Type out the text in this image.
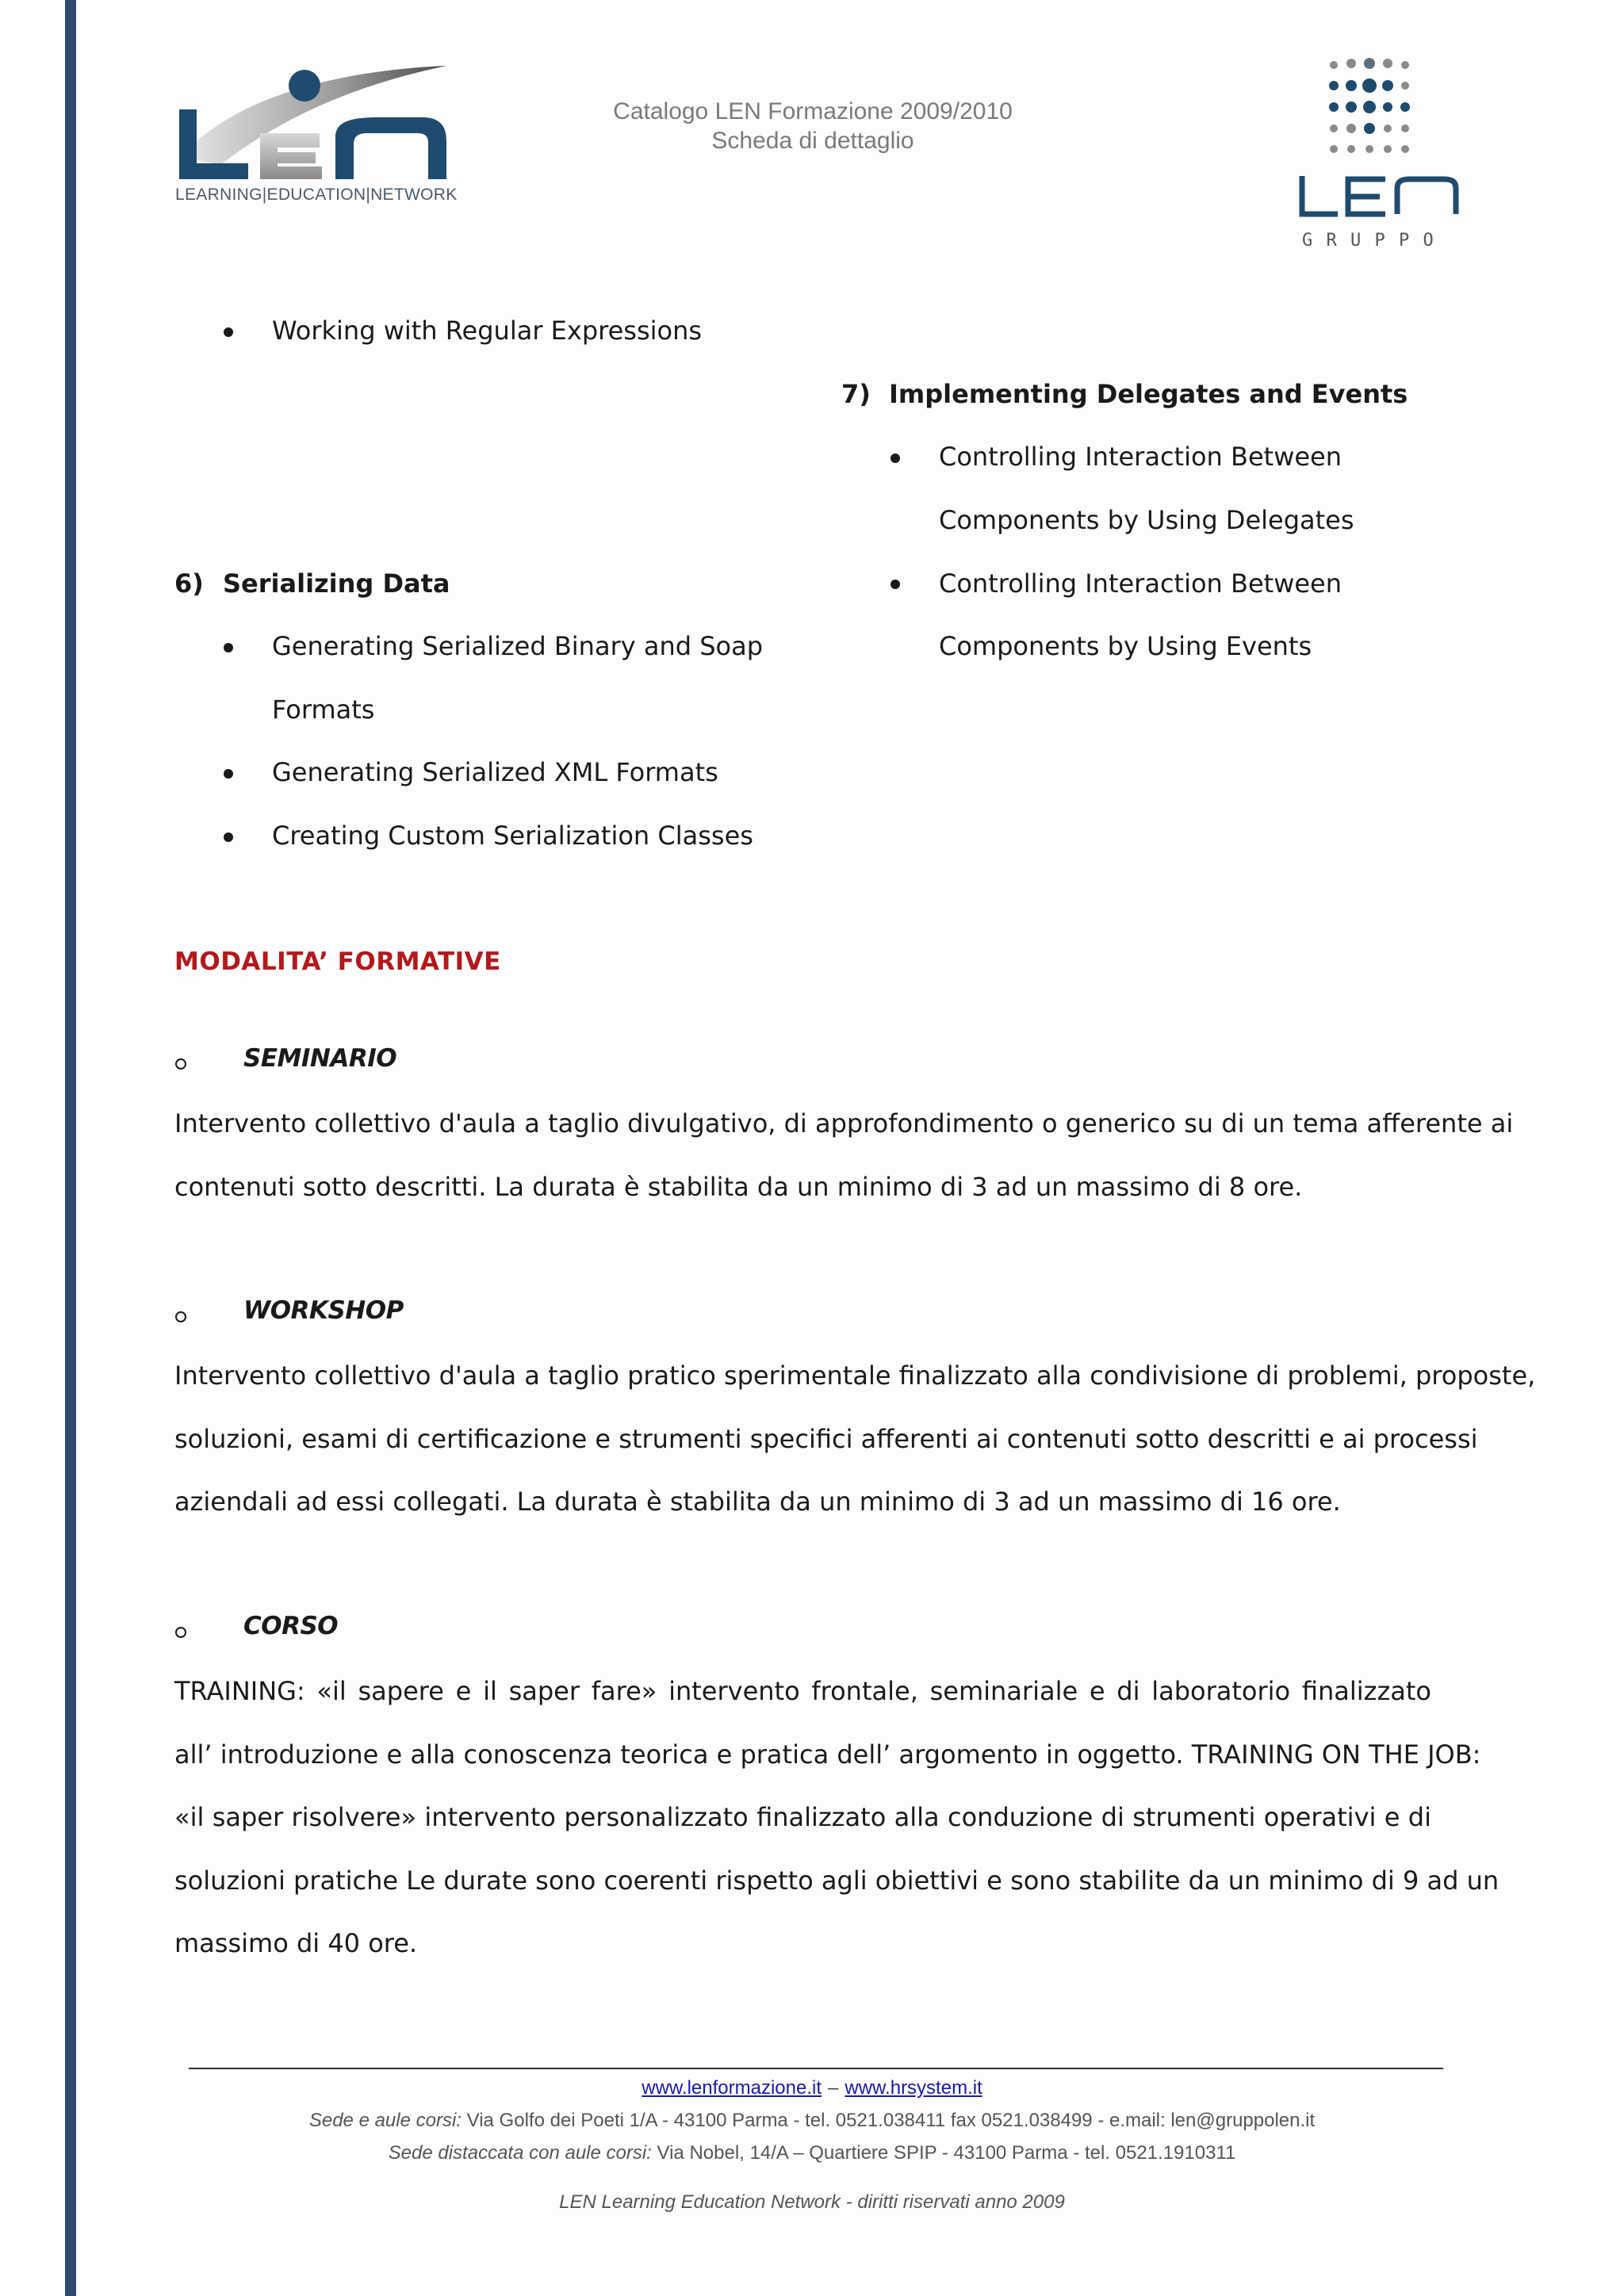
LEARNING|EDUCATION|NETWORK
Catalogo LEN Formazione 2009/2010
Scheda di dettaglio
G R U P P O
Working with Regular Expressions
6) Serializing Data
Generating Serialized Binary and Soap
Formats
Generating Serialized XML Formats
Creating Custom Serialization Classes
7) Implementing Delegates and Events
Controlling Interaction Between
Components by Using Delegates
Controlling Interaction Between
Components by Using Events
MODALITA’ FORMATIVE
SEMINARIO
Intervento collettivo d'aula a taglio divulgativo, di approfondimento o generico su di un tema afferente ai
contenuti sotto descritti. La durata è stabilita da un minimo di 3 ad un massimo di 8 ore.
WORKSHOP
Intervento collettivo d'aula a taglio pratico sperimentale finalizzato alla condivisione di problemi, proposte,
soluzioni, esami di certificazione e strumenti specifici afferenti ai contenuti sotto descritti e ai processi
aziendali ad essi collegati. La durata è stabilita da un minimo di 3 ad un massimo di 16 ore.
CORSO
TRAINING: «il sapere e il saper fare» intervento frontale, seminariale e di laboratorio finalizzato
all’ introduzione e alla conoscenza teorica e pratica dell’ argomento in oggetto. TRAINING ON THE JOB:
«il saper risolvere» intervento personalizzato finalizzato alla conduzione di strumenti operativi e di
soluzioni pratiche Le durate sono coerenti rispetto agli obiettivi e sono stabilite da un minimo di 9 ad un
massimo di 40 ore.
www.lenformazione.it – www.hrsystem.it
Sede e aule corsi: Via Golfo dei Poeti 1/A - 43100 Parma - tel. 0521.038411 fax 0521.038499 - e.mail: len@gruppolen.it
Sede distaccata con aule corsi: Via Nobel, 14/A – Quartiere SPIP - 43100 Parma - tel. 0521.1910311
LEN Learning Education Network - diritti riservati anno 2009
